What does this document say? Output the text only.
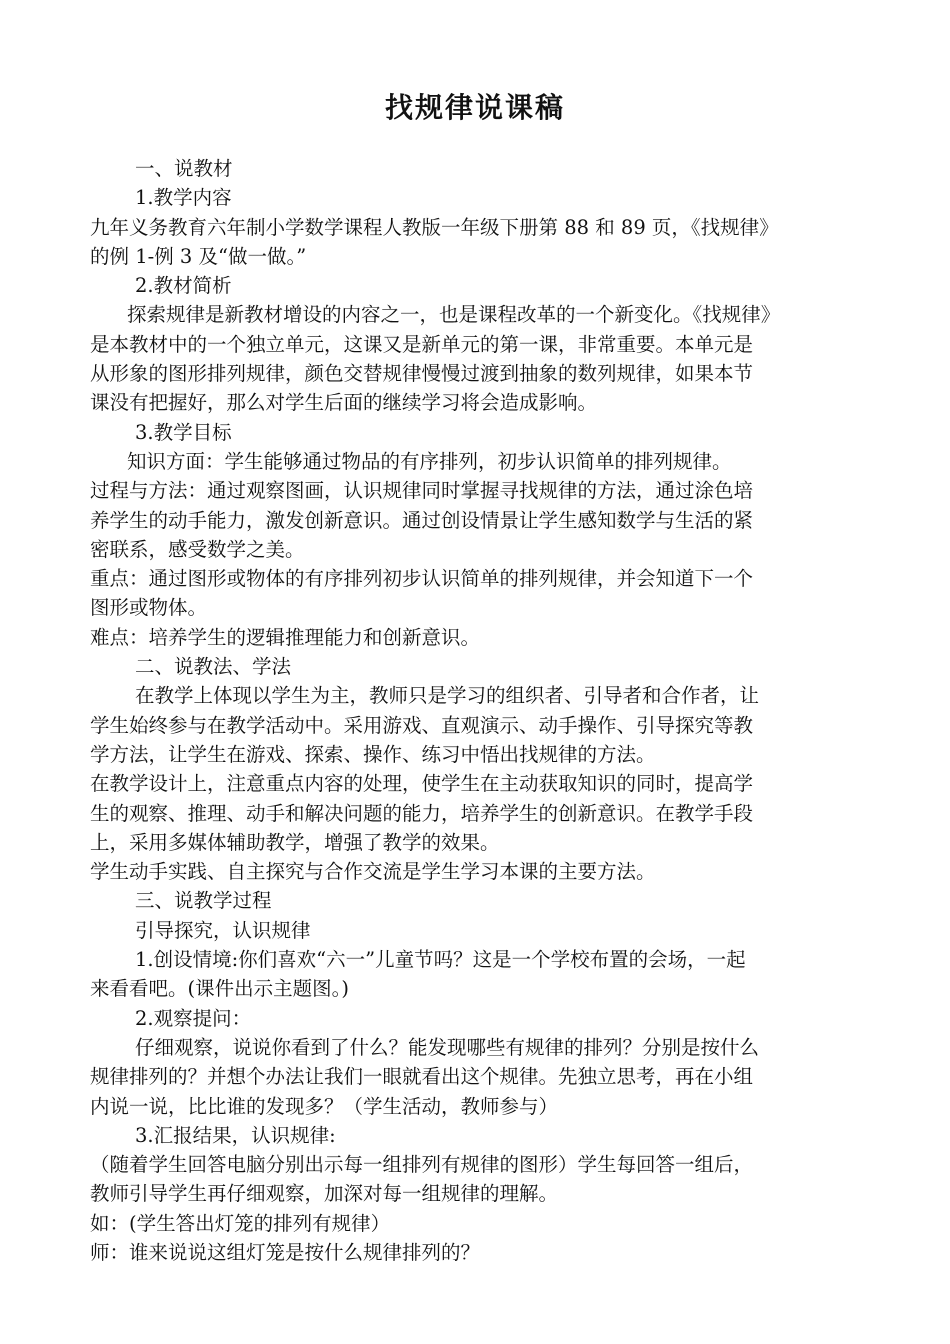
找规律说课稿
一、说教材
1.教学内容
九年义务教育六年制小学数学课程人教版一年级下册第 88 和 89 页，《找规律》
的例 1-例 3 及“做一做。”
2.教材简析
探索规律是新教材增设的内容之一，也是课程改革的一个新变化。《找规律》
是本教材中的一个独立单元，这课又是新单元的第一课，非常重要。本单元是
从形象的图形排列规律，颜色交替规律慢慢过渡到抽象的数列规律，如果本节
课没有把握好，那么对学生后面的继续学习将会造成影响。
3.教学目标
知识方面：学生能够通过物品的有序排列，初步认识简单的排列规律。
过程与方法：通过观察图画，认识规律同时掌握寻找规律的方法，通过涂色培
养学生的动手能力，激发创新意识。通过创设情景让学生感知数学与生活的紧
密联系，感受数学之美。
重点：通过图形或物体的有序排列初步认识简单的排列规律，并会知道下一个
图形或物体。
难点：培养学生的逻辑推理能力和创新意识。
二、说教法、学法
在教学上体现以学生为主，教师只是学习的组织者、引导者和合作者，让
学生始终参与在教学活动中。采用游戏、直观演示、动手操作、引导探究等教
学方法，让学生在游戏、探索、操作、练习中悟出找规律的方法。
在教学设计上，注意重点内容的处理，使学生在主动获取知识的同时，提高学
生的观察、推理、动手和解决问题的能力，培养学生的创新意识。在教学手段
上，采用多媒体辅助教学，增强了教学的效果。
学生动手实践、自主探究与合作交流是学生学习本课的主要方法。
三、说教学过程
引导探究，认识规律
1.创设情境:你们喜欢“六一”儿童节吗？这是一个学校布置的会场，一起
来看看吧。(课件出示主题图。)
2.观察提问：
仔细观察，说说你看到了什么？能发现哪些有规律的排列？分别是按什么
规律排列的？并想个办法让我们一眼就看出这个规律。先独立思考，再在小组
内说一说，比比谁的发现多？（学生活动，教师参与）
3.汇报结果，认识规律:
（随着学生回答电脑分别出示每一组排列有规律的图形）学生每回答一组后，
教师引导学生再仔细观察，加深对每一组规律的理解。
如：(学生答出灯笼的排列有规律）
师：谁来说说这组灯笼是按什么规律排列的？
